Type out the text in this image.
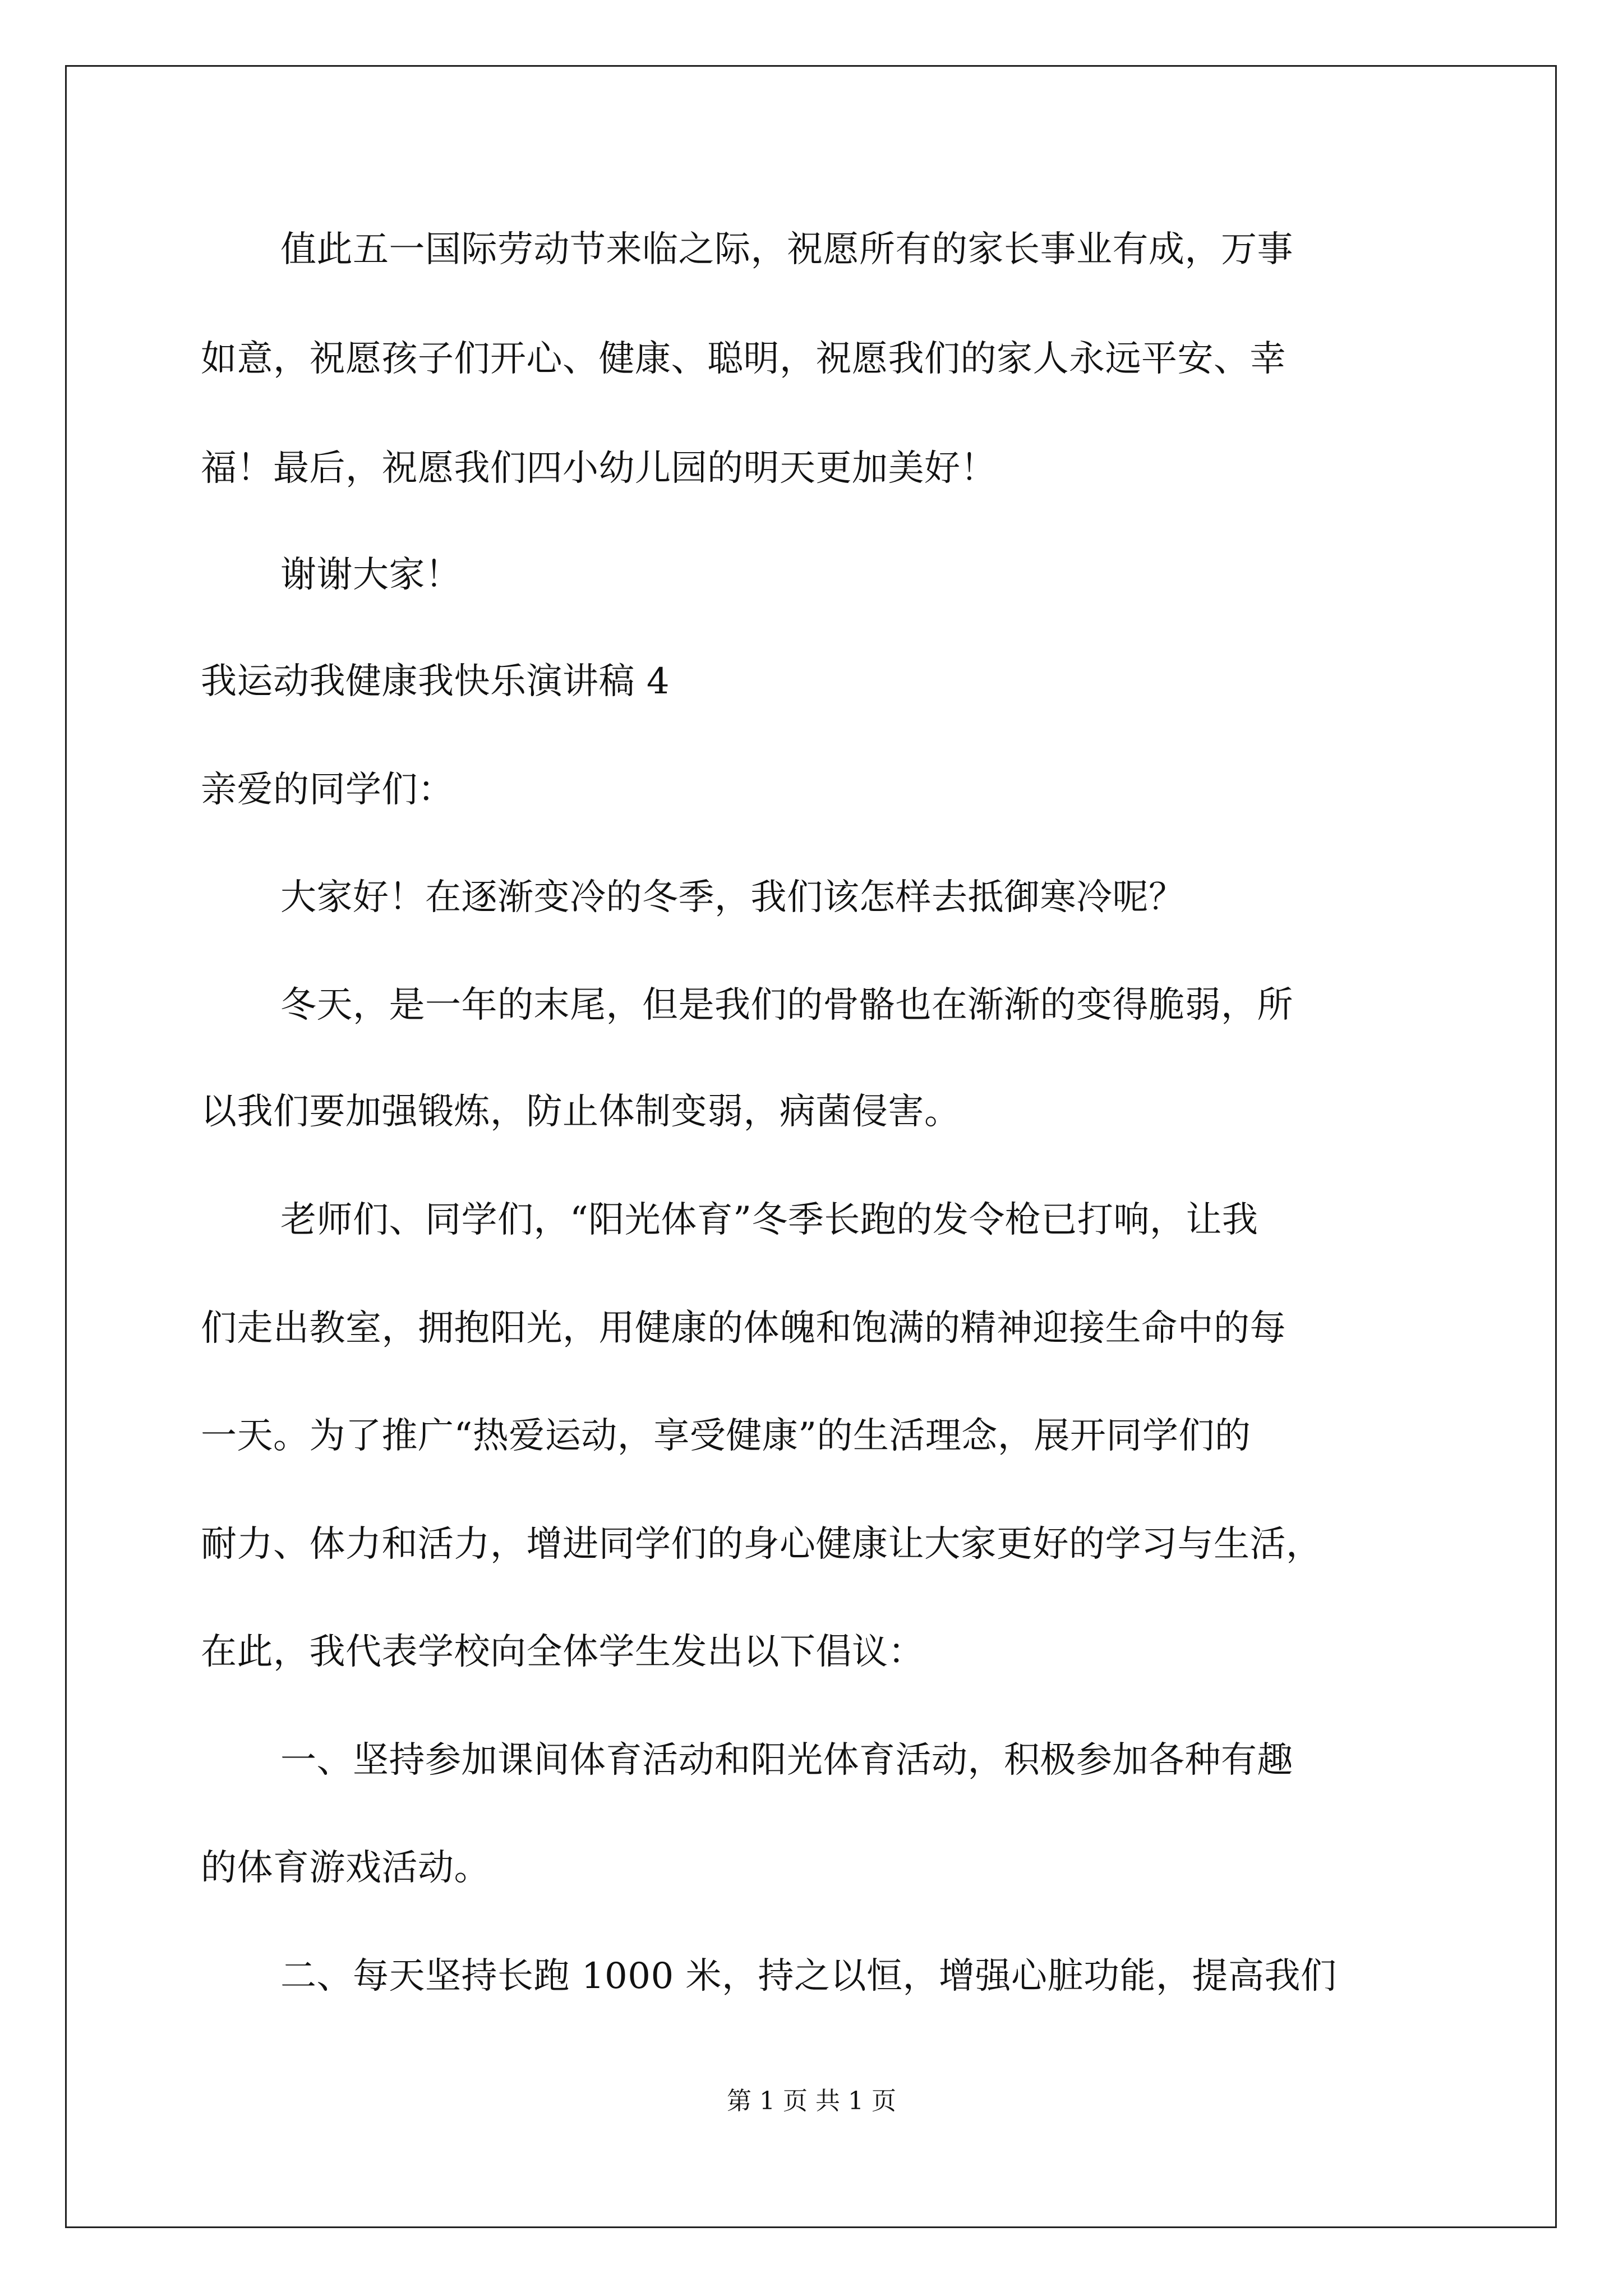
值此五一国际劳动节来临之际，祝愿所有的家长事业有成，万事
如意，祝愿孩子们开心、健康、聪明，祝愿我们的家人永远平安、幸
福！最后，祝愿我们四小幼儿园的明天更加美好！
谢谢大家！
我运动我健康我快乐演讲稿 4
亲爱的同学们：
大家好！在逐渐变冷的冬季，我们该怎样去抵御寒冷呢？
冬天，是一年的末尾，但是我们的骨骼也在渐渐的变得脆弱，所
以我们要加强锻炼，防止体制变弱，病菌侵害。
老师们、同学们，“阳光体育”冬季长跑的发令枪已打响，让我
们走出教室，拥抱阳光，用健康的体魄和饱满的精神迎接生命中的每
一天。为了推广“热爱运动，享受健康”的生活理念，展开同学们的
耐力、体力和活力，增进同学们的身心健康让大家更好的学习与生活，
在此，我代表学校向全体学生发出以下倡议：
一、坚持参加课间体育活动和阳光体育活动，积极参加各种有趣
的体育游戏活动。
二、每天坚持长跑 1000 米，持之以恒，增强心脏功能，提高我们
第 1 页 共 1 页
